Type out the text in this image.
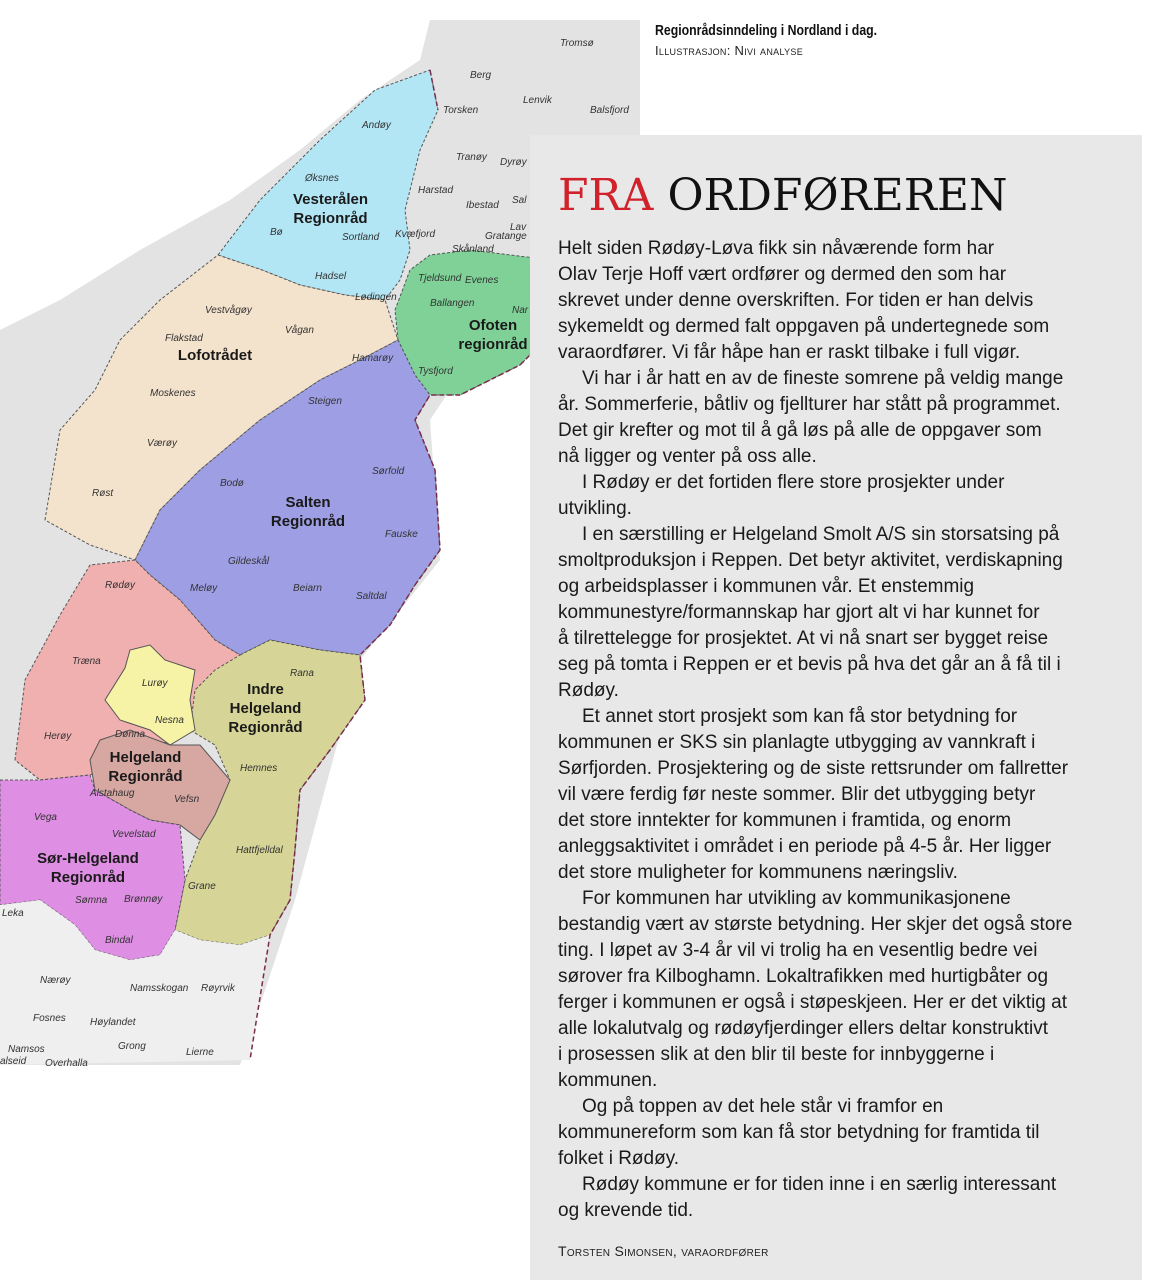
Vesterålen
Regionråd
Lofotrådet
Ofoten
regionråd
Salten
Regionråd
Indre
Helgeland
Regionråd
Helgeland
Regionråd
Sør-Helgeland
Regionråd
Tromsø
Berg
Lenvik
Balsfjord
Torsken
Tranøy Dyrøy
Andøy
Øksnes
Harstad
Ibestad Sal
Lav
Gratange
Bø	Sortland Kvæfjord
Skånland
Hadsel	Tjeldsund Evenes
Lødingen
Ballangen
Nar
Vestvågøy
Flakstad
Vågan
Hamarøy
Tysfjord
Moskenes
Steigen
Værøy
Sørfold
Røst
Bodø
Fauske
Gildeskål
Meløy	Beiarn
Saltdal
Rødøy
Træna
Rana
Lurøy
Nesna
Herøy	Dønna
Hemnes
Alstahaug
Vefsn
Vega
Vevelstad
Hattfjelldal
Grane
Sømna Brønnøy
Leka
Bindal
Nærøy
Namsskogan Røyrvik
Fosnes Høylandet
Namsos	Grong
Lierne
alseid Overhalla
Regionrådsinndeling i Nordland i dag.
Illustrasjon: Nivi analyse
FRA ORDFØREREN

Helt siden Rødøy-Løva fikk sin nåværende form har

Olav Terje Hoff vært ordfører og dermed den som har

skrevet under denne overskriften. For tiden er han delvis

sykemeldt og dermed falt oppgaven på undertegnede som

varaordfører. Vi får håpe han er raskt tilbake i full vigør.

Vi har i år hatt en av de fineste somrene på veldig mange

år. Sommerferie, båtliv og fjellturer har stått på programmet.

Det gir krefter og mot til å gå løs på alle de oppgaver som

nå ligger og venter på oss alle.

I Rødøy er det fortiden flere store prosjekter under

utvikling.

I en særstilling er Helgeland Smolt A/S sin storsatsing på

smoltproduksjon i Reppen. Det betyr aktivitet, verdiskapning

og arbeidsplasser i kommunen vår. Et enstemmig

kommunestyre/formannskap har gjort alt vi har kunnet for

å tilrettelegge for prosjektet. At vi nå snart ser bygget reise

seg på tomta i Reppen er et bevis på hva det går an å få til i

Rødøy.

Et annet stort prosjekt som kan få stor betydning for

kommunen er SKS sin planlagte utbygging av vannkraft i

Sørfjorden. Prosjektering og de siste rettsrunder om fallretter

vil være ferdig før neste sommer. Blir det utbygging betyr

det store inntekter for kommunen i framtida, og enorm

anleggsaktivitet i området i en periode på 4-5 år. Her ligger

det store muligheter for kommunens næringsliv.

For kommunen har utvikling av kommunikasjonene

bestandig vært av største betydning. Her skjer det også store

ting. I løpet av 3-4 år vil vi trolig ha en vesentlig bedre vei

sørover fra Kilboghamn. Lokaltrafikken med hurtigbåter og

ferger i kommunen er også i støpeskjeen. Her er det viktig at

alle lokalutvalg og rødøyfjerdinger ellers deltar konstruktivt

i prosessen slik at den blir til beste for innbyggerne i

kommunen.

Og på toppen av det hele står vi framfor en

kommunereform som kan få stor betydning for framtida til

folket i Rødøy.

Rødøy kommune er for tiden inne i en særlig interessant

og krevende tid.

Torsten Simonsen, varaordfører
